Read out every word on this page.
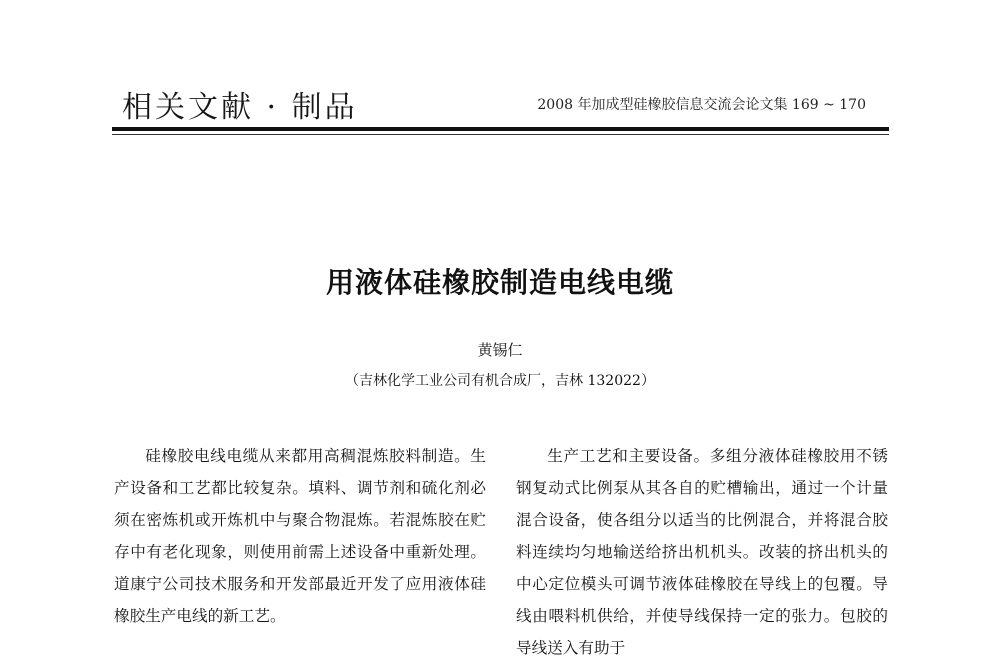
相关文献 · 制品	2008 年加成型硅橡胶信息交流会论文集 169 ~ 170
用液体硅橡胶制造电线电缆
黄锡仁
（吉林化学工业公司有机合成厂，吉林 132022）

硅橡胶电线电缆从来都用高稠混炼胶料制造。生产设备和工艺都比较复杂。填料、调节剂和硫化剂必须在密炼机或开炼机中与聚合物混炼。若混炼胶在贮存中有老化现象，则使用前需上述设备中重新处理。道康宁公司技术服务和开发部最近开发了应用液体硅橡胶生产电线的新工艺。

生产工艺和主要设备。多组分液体硅橡胶用不锈钢复动式比例泵从其各自的贮槽输出，通过一个计量混合设备，使各组分以适当的比例混合，并将混合胶料连续均匀地输送给挤出机机头。改装的挤出机头的中心定位模头可调节液体硅橡胶在导线上的包覆。导线由喂料机供给，并使导线保持一定的张力。包胶的导线送入有助于
